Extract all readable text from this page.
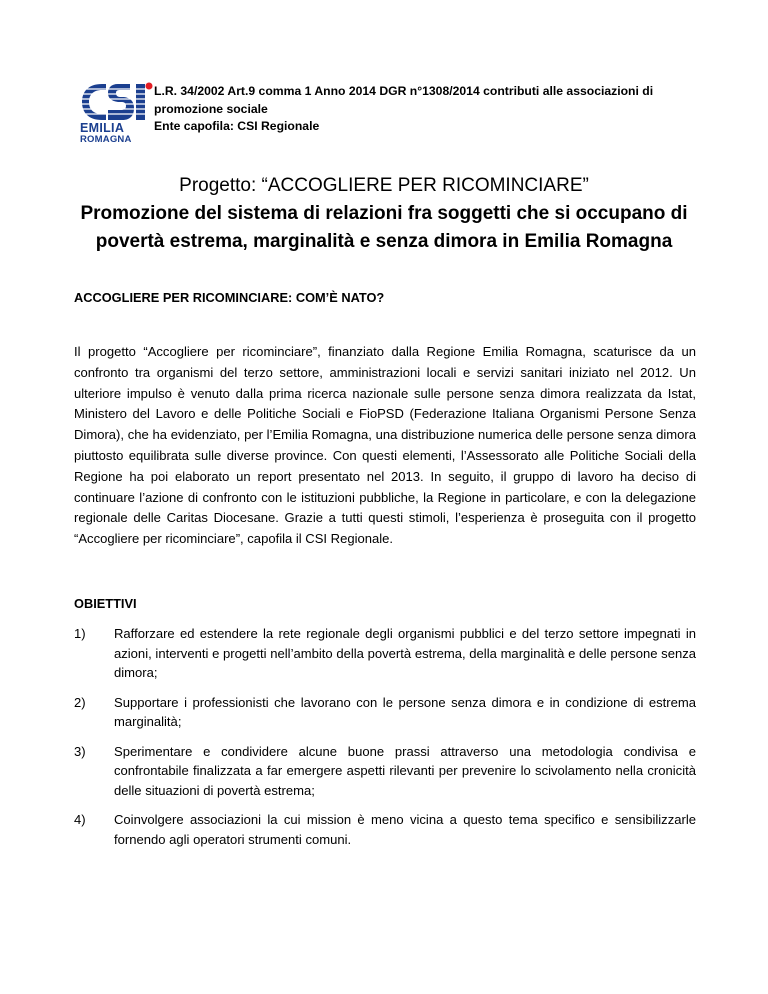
EMILIA
ROMAGNA
L.R. 34/2002 Art.9 comma 1 Anno 2014 DGR n°1308/2014 contributi alle associazioni di
promozione sociale
Ente capofila: CSI Regionale
Progetto: “ACCOGLIERE PER RICOMINCIARE”
Promozione del sistema di relazioni fra soggetti che si occupano di
povertà estrema, marginalità e senza dimora in Emilia Romagna
ACCOGLIERE PER RICOMINCIARE: COM’È NATO?
Il progetto “Accogliere per ricominciare”, finanziato dalla Regione Emilia Romagna, scaturisce da un confronto tra organismi del terzo settore, amministrazioni locali e servizi sanitari iniziato nel 2012. Un ulteriore impulso è venuto dalla prima ricerca nazionale sulle persone senza dimora realizzata da Istat, Ministero del Lavoro e delle Politiche Sociali e FioPSD (Federazione Italiana Organismi Persone Senza Dimora), che ha evidenziato, per l’Emilia Romagna, una distribuzione numerica delle persone senza dimora piuttosto equilibrata sulle diverse province. Con questi elementi, l’Assessorato alle Politiche Sociali della Regione ha poi elaborato un report presentato nel 2013. In seguito, il gruppo di lavoro ha deciso di continuare l’azione di confronto con le istituzioni pubbliche, la Regione in particolare, e con la delegazione regionale delle Caritas Diocesane. Grazie a tutti questi stimoli, l’esperienza è proseguita con il progetto “Accogliere per ricominciare”, capofila il CSI Regionale.
OBIETTIVI
1) Rafforzare ed estendere la rete regionale degli organismi pubblici e del terzo settore impegnati in azioni, interventi e progetti nell’ambito della povertà estrema, della marginalità e delle persone senza dimora;
2) Supportare i professionisti che lavorano con le persone senza dimora e in condizione di estrema marginalità;
3) Sperimentare e condividere alcune buone prassi attraverso una metodologia condivisa e confrontabile finalizzata a far emergere aspetti rilevanti per prevenire lo scivolamento nella cronicità delle situazioni di povertà estrema;
4) Coinvolgere associazioni la cui mission è meno vicina a questo tema specifico e sensibilizzarle fornendo agli operatori strumenti comuni.
